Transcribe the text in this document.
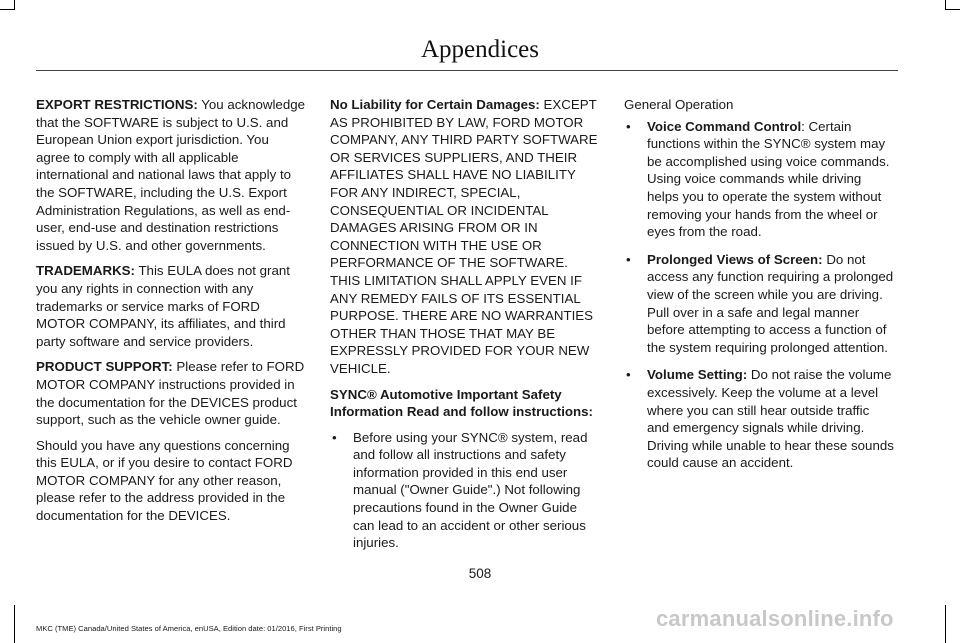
Appendices

EXPORT RESTRICTIONS: You acknowledge that the SOFTWARE is subject to U.S. and European Union export jurisdiction. You agree to comply with all applicable international and national laws that apply to the SOFTWARE, including the U.S. Export Administration Regulations, as well as end-user, end-use and destination restrictions issued by U.S. and other governments.

TRADEMARKS: This EULA does not grant you any rights in connection with any trademarks or service marks of FORD MOTOR COMPANY, its affiliates, and third party software and service providers.

PRODUCT SUPPORT: Please refer to FORD MOTOR COMPANY instructions provided in the documentation for the DEVICES product support, such as the vehicle owner guide.

Should you have any questions concerning this EULA, or if you desire to contact FORD MOTOR COMPANY for any other reason, please refer to the address provided in the documentation for the DEVICES.

No Liability for Certain Damages: EXCEPT AS PROHIBITED BY LAW, FORD MOTOR COMPANY, ANY THIRD PARTY SOFTWARE OR SERVICES SUPPLIERS, AND THEIR AFFILIATES SHALL HAVE NO LIABILITY FOR ANY INDIRECT, SPECIAL, CONSEQUENTIAL OR INCIDENTAL DAMAGES ARISING FROM OR IN CONNECTION WITH THE USE OR PERFORMANCE OF THE SOFTWARE. THIS LIMITATION SHALL APPLY EVEN IF ANY REMEDY FAILS OF ITS ESSENTIAL PURPOSE. THERE ARE NO WARRANTIES OTHER THAN THOSE THAT MAY BE EXPRESSLY PROVIDED FOR YOUR NEW VEHICLE.

SYNC® Automotive Important Safety Information Read and follow instructions:

• Before using your SYNC® system, read and follow all instructions and safety information provided in this end user manual ("Owner Guide".) Not following precautions found in the Owner Guide can lead to an accident or other serious injuries.

General Operation

• Voice Command Control: Certain functions within the SYNC® system may be accomplished using voice commands. Using voice commands while driving helps you to operate the system without removing your hands from the wheel or eyes from the road.
• Prolonged Views of Screen: Do not access any function requiring a prolonged view of the screen while you are driving. Pull over in a safe and legal manner before attempting to access a function of the system requiring prolonged attention.
• Volume Setting: Do not raise the volume excessively. Keep the volume at a level where you can still hear outside traffic and emergency signals while driving. Driving while unable to hear these sounds could cause an accident.
508
MKC (TME) Canada/United States of America, enUSA, Edition date: 01/2016, First Printing	carmanualsonline.info
